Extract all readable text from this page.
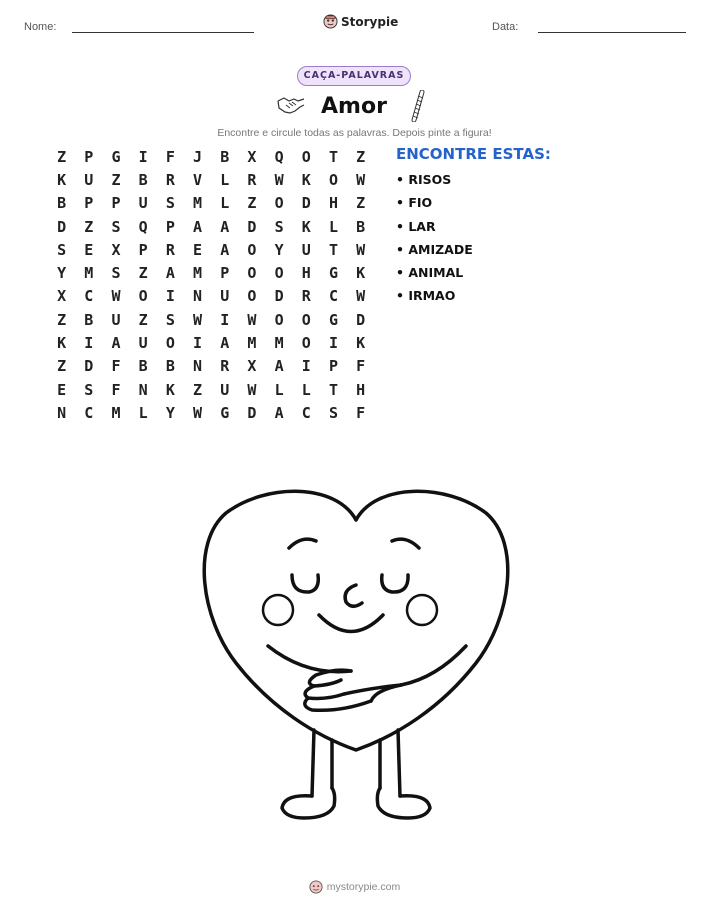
Nome:	Storypie	Data:
CAÇA-PALAVRAS
Amor
Encontre e circule todas as palavras. Depois pinte a figura!
Z	P	G	I	F	J	B	X	Q	O	T	Z
K	U	Z	B	R	V	L	R	W	K	O	W
B	P	P	U	S	M	L	Z	O	D	H	Z
D	Z	S	Q	P	A	A	D	S	K	L	B
S	E	X	P	R	E	A	O	Y	U	T	W
Y	M	S	Z	A	M	P	O	O	H	G	K
X	C	W	O	I	N	U	O	D	R	C	W
Z	B	U	Z	S	W	I	W	O	O	G	D
K	I	A	U	O	I	A	M	M	O	I	K
Z	D	F	B	B	N	R	X	A	I	P	F
E	S	F	N	K	Z	U	W	L	L	T	H
N	C	M	L	Y	W	G	D	A	C	S	F
ENCONTRE ESTAS:
• RISOS
• FIO
• LAR
• AMIZADE
• ANIMAL
• IRMAO
mystorypie.com
